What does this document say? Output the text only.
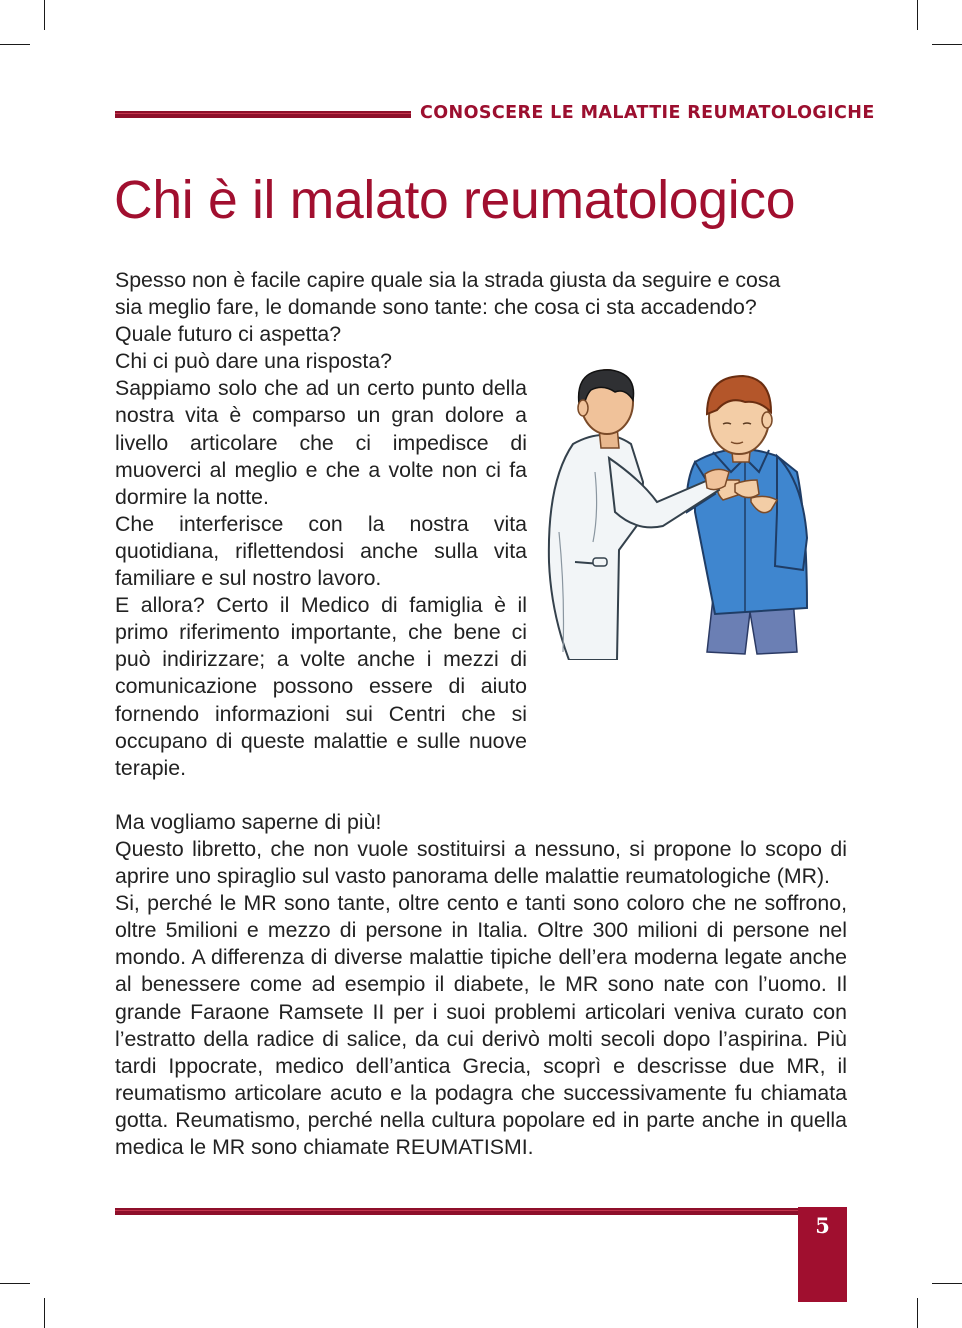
CONOSCERE LE MALATTIE REUMATOLOGICHE
Chi è il malato reumatologico

Spesso non è facile capire quale sia la strada giusta da seguire e cosa

sia meglio fare, le domande sono tante: che cosa ci sta accadendo?

Quale futuro ci aspetta?

Chi ci può dare una risposta?

Sappiamo solo che ad un certo punto della nostra vita è comparso un gran dolore a livello articolare che ci impedisce di muoverci al meglio e che a volte non ci fa dormire la notte.

Che interferisce con la nostra vita quotidiana, riflettendosi anche sulla vita familiare e sul nostro lavoro.

E allora? Certo il Medico di famiglia è il primo riferimento importante, che bene ci può indirizzare; a volte anche i mezzi di comunicazione possono essere di aiuto fornendo informazioni sui Centri che si occupano di queste malattie e sulle nuove terapie.

Ma vogliamo saperne di più!

Questo libretto, che non vuole sostituirsi a nessuno, si propone lo scopo di aprire uno spiraglio sul vasto panorama delle malattie reumatologiche (MR).

Si, perché le MR sono tante, oltre cento e tanti sono coloro che ne soffrono, oltre 5milioni e mezzo di persone in Italia. Oltre 300 milioni di persone nel mondo. A differenza di diverse malattie tipiche dell’era moderna legate anche al benessere come ad esempio il diabete, le MR sono nate con l’uomo. Il grande Faraone Ramsete II per i suoi problemi articolari veniva curato con l’estratto della radice di salice, da cui derivò molti secoli dopo l’aspirina. Più tardi Ippocrate, medico dell’antica Grecia, scoprì e descrisse due MR, il reumatismo articolare acuto e la podagra che successivamente fu chiamata gotta. Reumatismo, perché nella cultura popolare ed in parte anche in quella medica le MR sono chiamate REUMATISMI.

5
